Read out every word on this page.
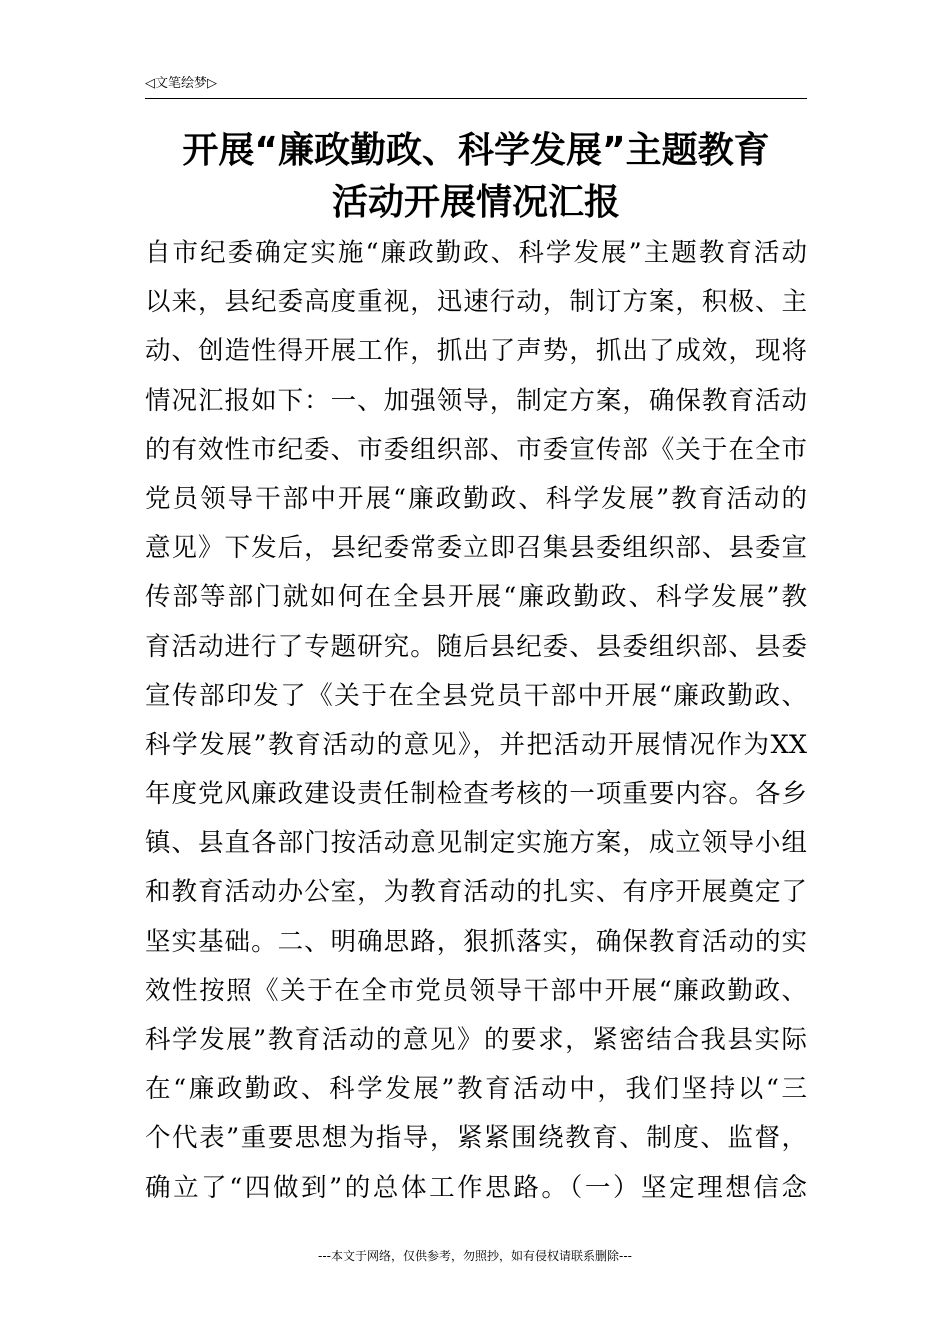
◁文笔绘梦▷
开展“廉政勤政、科学发展”主题教育
活动开展情况汇报
自市纪委确定实施“廉政勤政、科学发展”主题教育活动
以来，县纪委高度重视，迅速行动，制订方案，积极、主
动、创造性得开展工作，抓出了声势，抓出了成效，现将
情况汇报如下：一、加强领导，制定方案，确保教育活动
的有效性市纪委、市委组织部、市委宣传部《关于在全市
党员领导干部中开展“廉政勤政、科学发展”教育活动的
意见》下发后，县纪委常委立即召集县委组织部、县委宣
传部等部门就如何在全县开展“廉政勤政、科学发展”教
育活动进行了专题研究。随后县纪委、县委组织部、县委
宣传部印发了《关于在全县党员干部中开展“廉政勤政、
科学发展”教育活动的意见》，并把活动开展情况作为XX
年度党风廉政建设责任制检查考核的一项重要内容。各乡
镇、县直各部门按活动意见制定实施方案，成立领导小组
和教育活动办公室，为教育活动的扎实、有序开展奠定了
坚实基础。二、明确思路，狠抓落实，确保教育活动的实
效性按照《关于在全市党员领导干部中开展“廉政勤政、
科学发展”教育活动的意见》的要求，紧密结合我县实际
在“廉政勤政、科学发展”教育活动中，我们坚持以“三
个代表”重要思想为指导，紧紧围绕教育、制度、监督，
确立了“四做到”的总体工作思路。（一）坚定理想信念
---本文于网络，仅供参考，勿照抄，如有侵权请联系删除---
